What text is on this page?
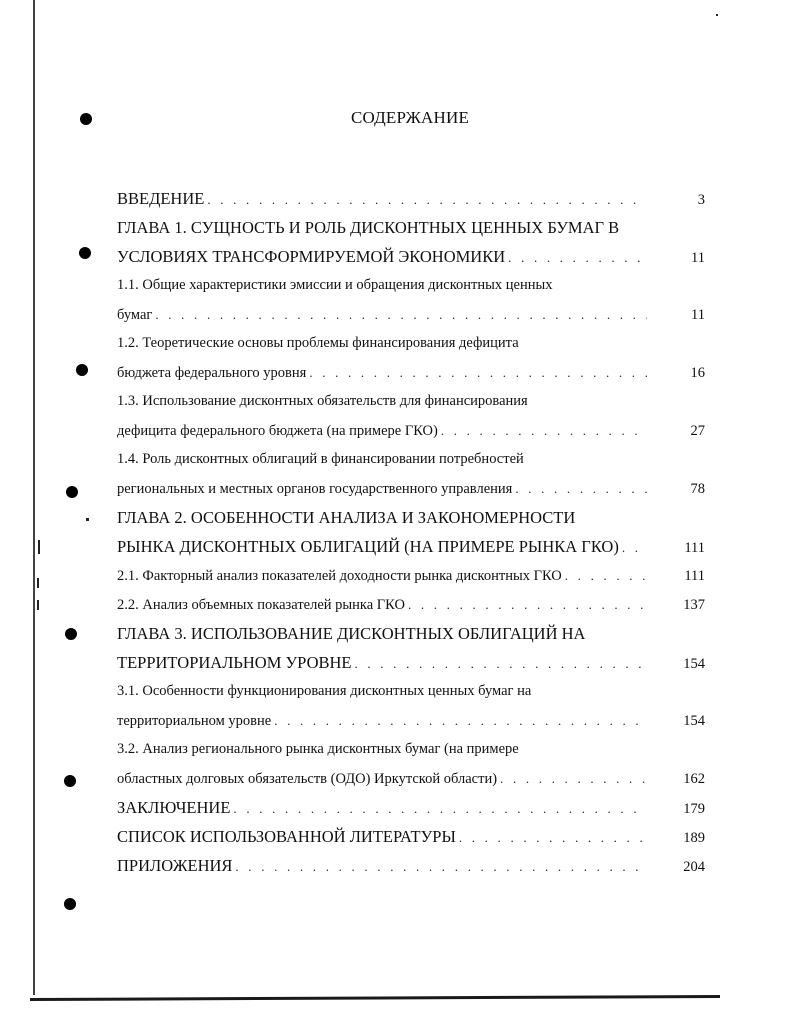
СОДЕРЖАНИЕ
ВВЕДЕНИЕ . . .	3
ГЛАВА 1. СУЩНОСТЬ И РОЛЬ ДИСКОНТНЫХ ЦЕННЫХ БУМАГ В
УСЛОВИЯХ ТРАНСФОРМИРУЕМОЙ ЭКОНОМИКИ . . .	11
1.1. Общие характеристики эмиссии и обращения дисконтных ценных
бумаг . . .	11
1.2. Теоретические основы проблемы финансирования дефицита
бюджета федерального уровня . . .	16
1.3. Использование дисконтных обязательств для финансирования
дефицита федерального бюджета (на примере ГКО) . . .	27
1.4. Роль дисконтных облигаций в финансировании потребностей
региональных и местных органов государственного управления . . .	78
ГЛАВА 2. ОСОБЕННОСТИ АНАЛИЗА И ЗАКОНОМЕРНОСТИ
РЫНКА ДИСКОНТНЫХ ОБЛИГАЦИЙ (НА ПРИМЕРЕ РЫНКА ГКО) . . .	111
2.1. Факторный анализ показателей доходности рынка дисконтных ГКО . . .	111
2.2. Анализ объемных показателей рынка ГКО . . .	137
ГЛАВА 3. ИСПОЛЬЗОВАНИЕ ДИСКОНТНЫХ ОБЛИГАЦИЙ НА
ТЕРРИТОРИАЛЬНОМ УРОВНЕ . . .	154
3.1. Особенности функционирования дисконтных ценных бумаг на
территориальном уровне . . .	154
3.2. Анализ регионального рынка дисконтных бумаг (на примере
областных долговых обязательств (ОДО) Иркутской области) . . .	162
ЗАКЛЮЧЕНИЕ . . .	179
СПИСОК ИСПОЛЬЗОВАННОЙ ЛИТЕРАТУРЫ . . .	189
ПРИЛОЖЕНИЯ . . .	204
